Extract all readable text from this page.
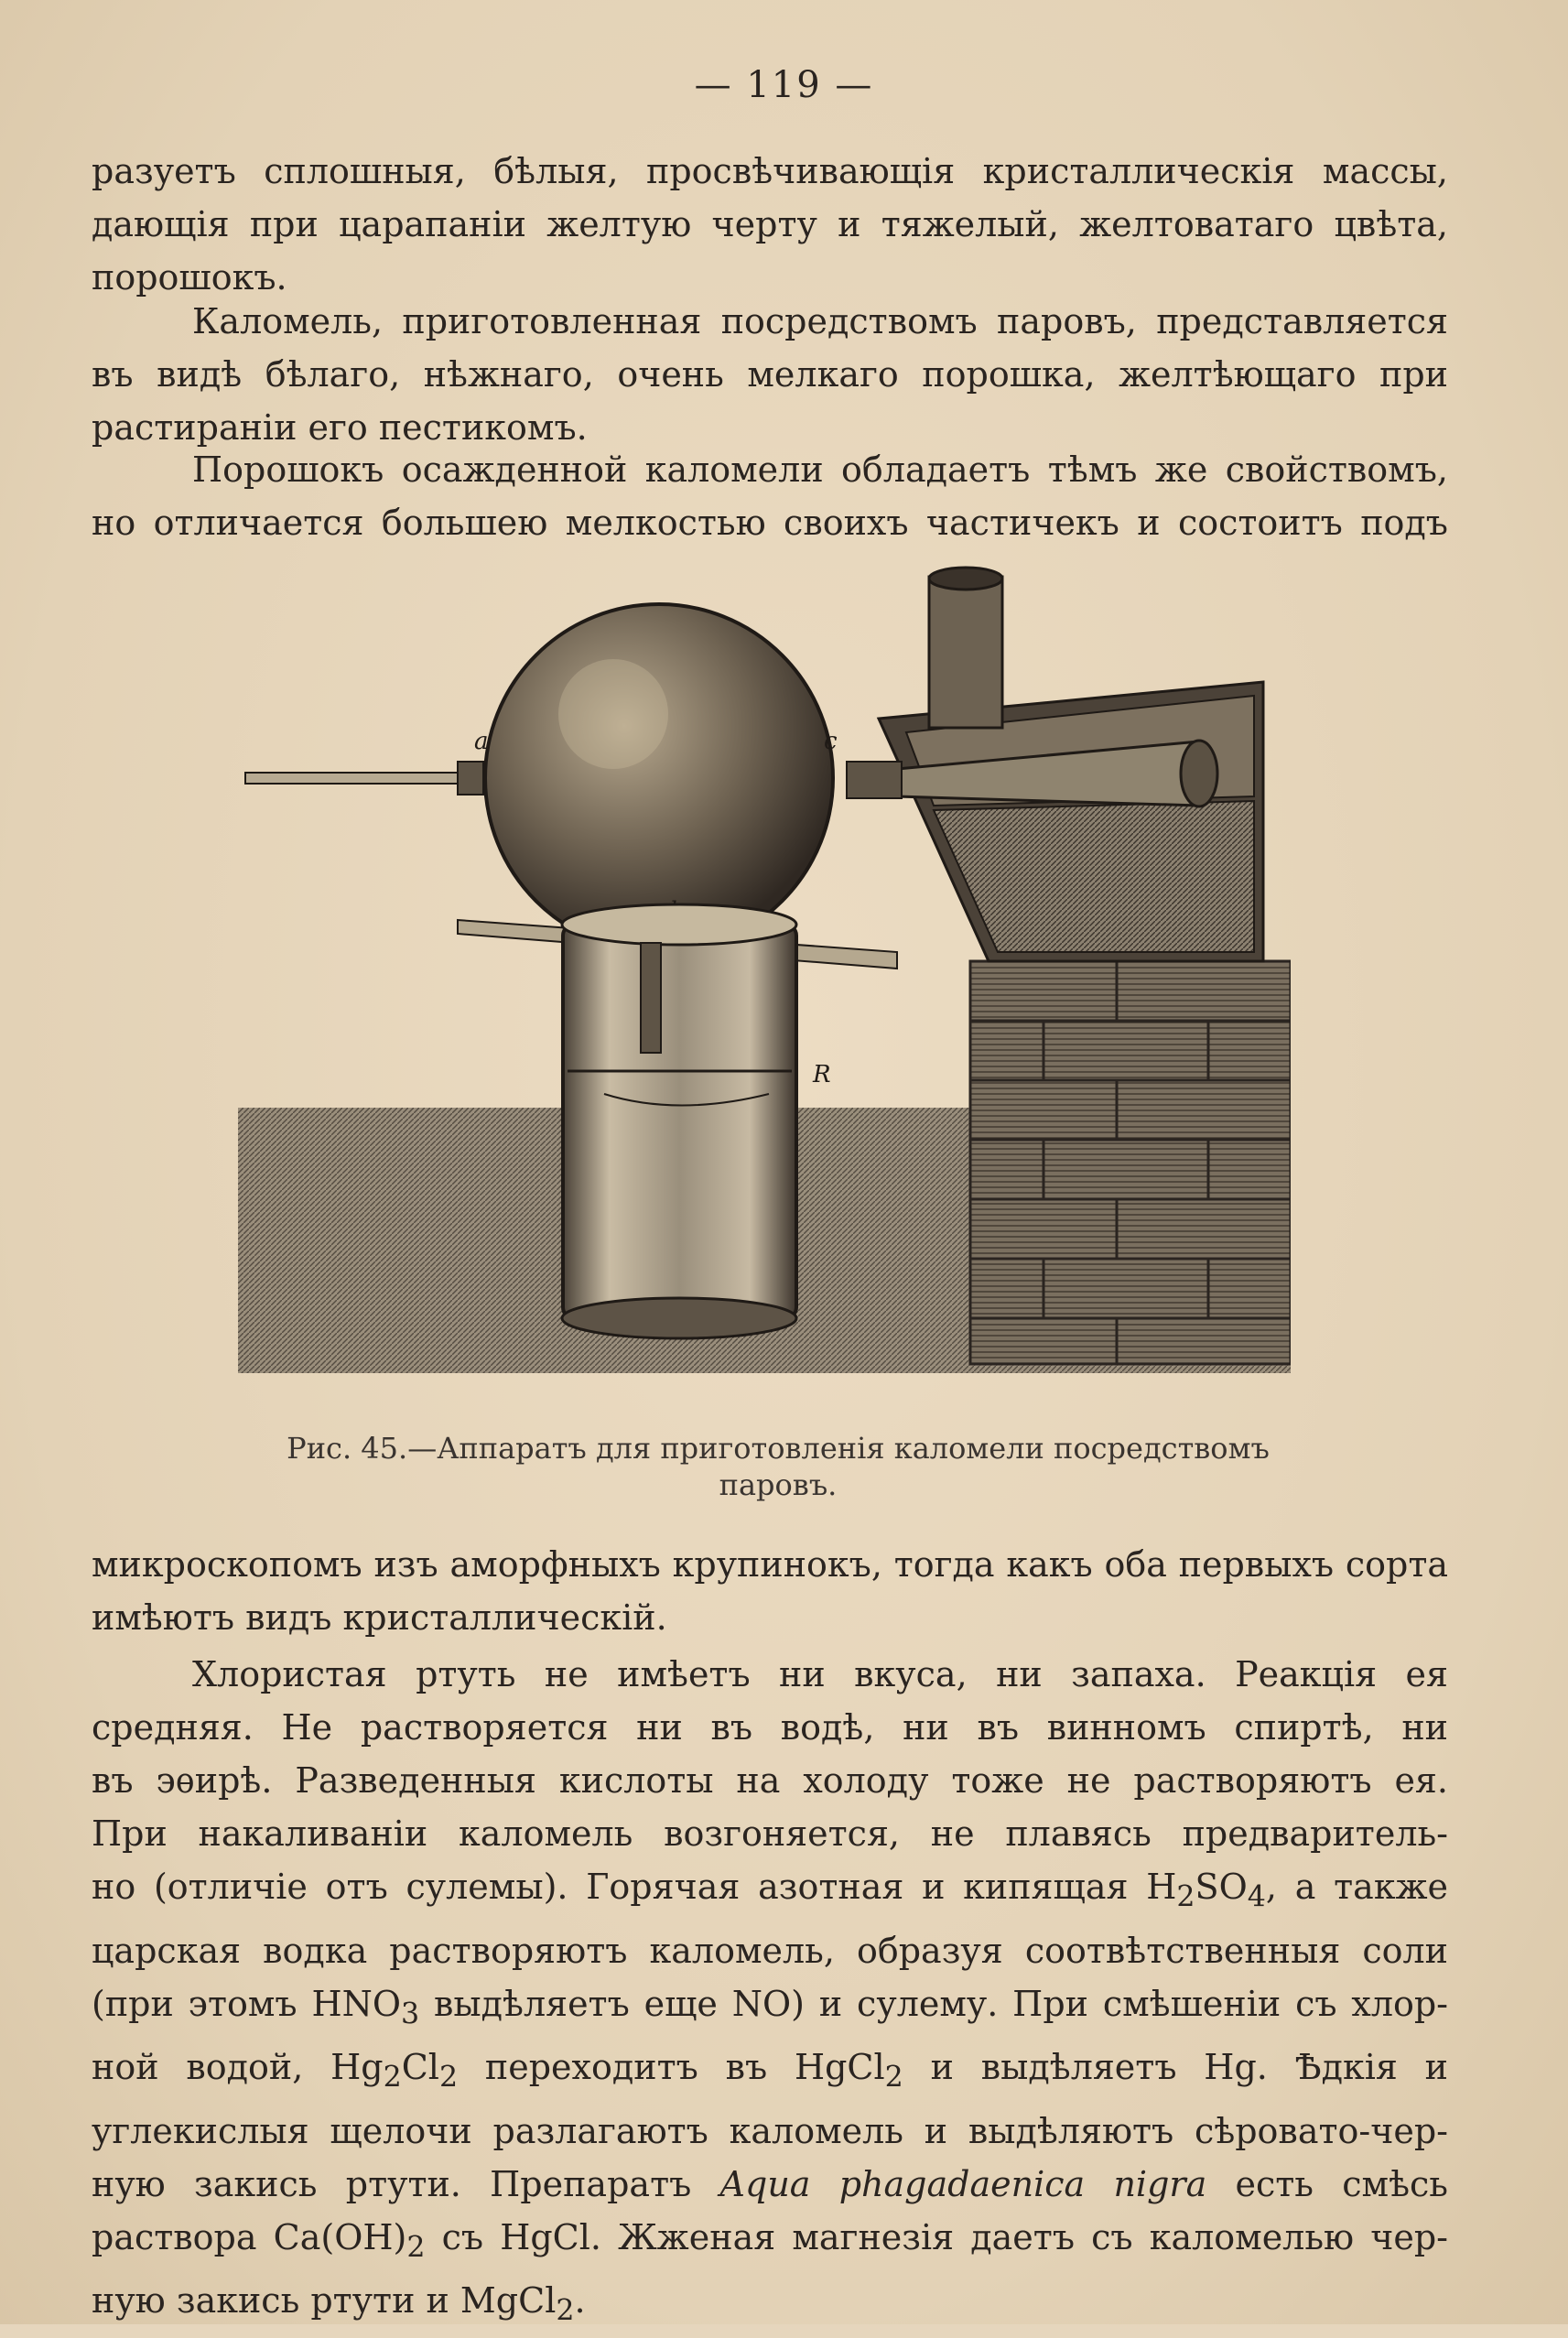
— 119 —
разуетъ сплошныя, бѣлыя, просвѣчивающія кристаллическія массы,
дающія при царапаніи желтую черту и тяжелый, желтоватаго цвѣта,
порошокъ.
Каломель, приготовленная посредствомъ паровъ, представляется
въ видѣ бѣлаго, нѣжнаго, очень мелкаго порошка, желтѣющаго при
растираніи его пестикомъ.
Порошокъ осажденной каломели обладаетъ тѣмъ же свойствомъ,
но отличается большею мелкостью своихъ частичекъ и состоитъ подъ
a	c
R
Рис. 45.—Аппаратъ для приготовленія каломели посредствомъ
паровъ.
микроскопомъ изъ аморфныхъ крупинокъ, тогда какъ оба первыхъ сорта
имѣютъ видъ кристаллическій.
Хлористая ртуть не имѣетъ ни вкуса, ни запаха. Реакція ея
средняя. Не растворяется ни въ водѣ, ни въ винномъ спиртѣ, ни
въ эѳирѣ. Разведенныя кислоты на холоду тоже не растворяютъ ея.
При накаливаніи каломель возгоняется, не плавясь предваритель-
но (отличіе отъ сулемы). Горячая азотная и кипящая $H_2SO_4$, а также
царская водка растворяютъ каломель, образуя соотвѣтственныя соли
(при этомъ $HNO_3$ выдѣляетъ еще NO) и сулему. При смѣшеніи съ хлор-
ной водой, $Hg_2Cl_2$ переходитъ въ HgCl$_2$ и выдѣляетъ Hg. Ѣдкія и
углекислыя щелочи разлагаютъ каломель и выдѣляютъ сѣровато-чер-
ную закись ртути. Препаратъ Aqua phagadaenica nigra есть смѣсь
раствора $Ca(OH)_2$ съ HgCl. Жженая магнезія даетъ съ каломелью чер-
ную закись ртути и MgCl$_2$.
